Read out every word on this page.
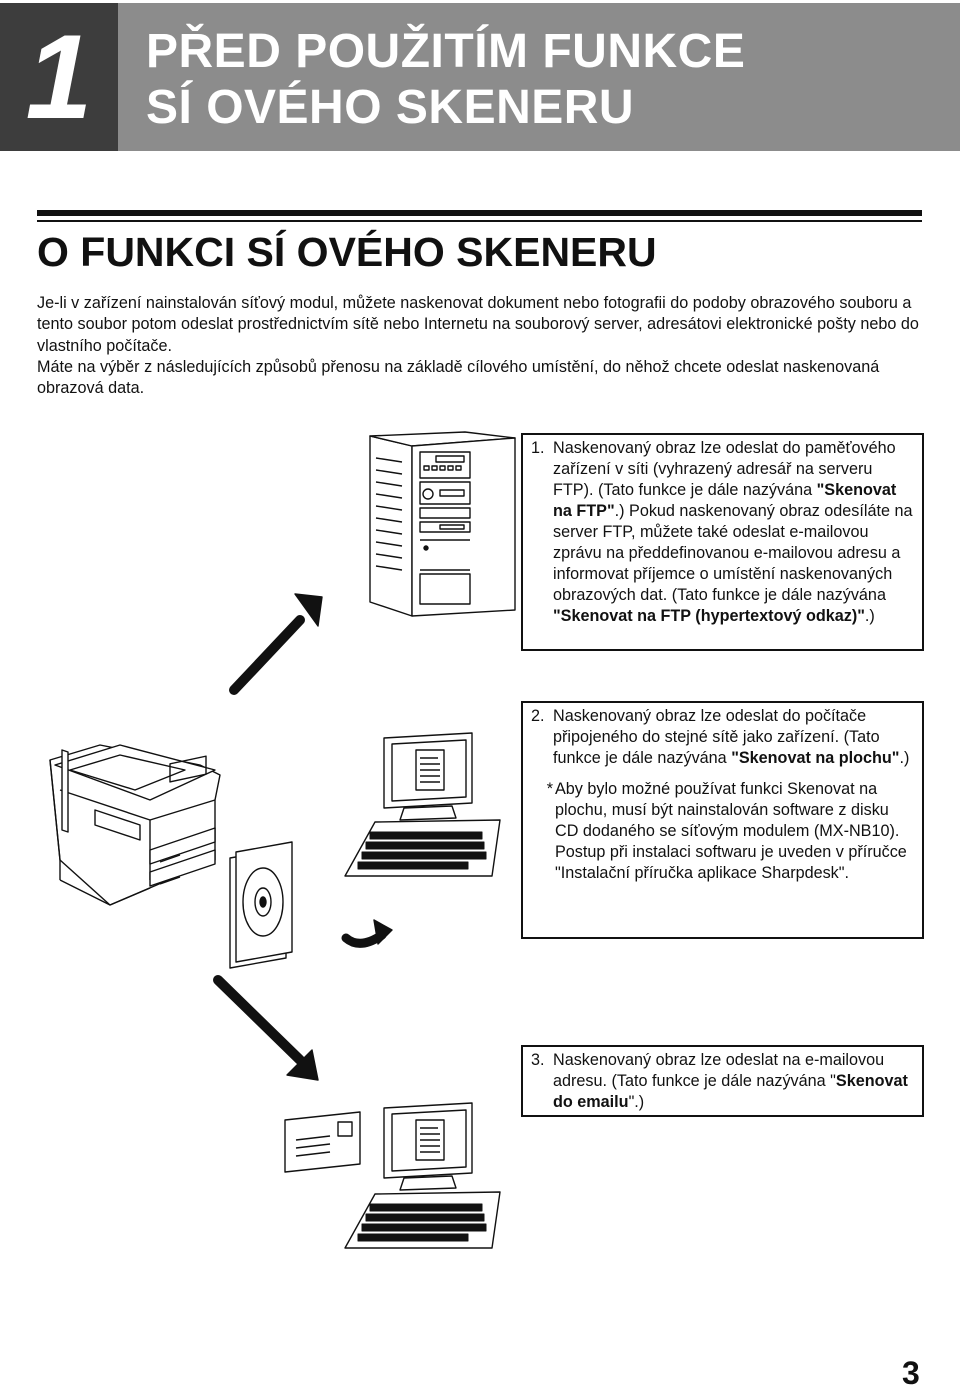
1	PŘED POUŽITÍM FUNKCE
SÍ OVÉHO SKENERU
O FUNKCI SÍ OVÉHO SKENERU

Je-li v zařízení nainstalován síťový modul, můžete naskenovat dokument nebo fotografii do podoby obrazového souboru a tento soubor potom odeslat prostřednictvím sítě nebo Internetu na souborový server, adresátovi elektronické pošty nebo do vlastního počítače.

Máte na výběr z následujících způsobů přenosu na základě cílového umístění, do něhož chcete odeslat naskenovaná obrazová data.

1. Naskenovaný obraz lze odeslat do paměťového zařízení v síti (vyhrazený adresář na serveru FTP). (Tato funkce je dále nazývána "Skenovat na FTP".) Pokud naskenovaný obraz odesíláte na server FTP, můžete také odeslat e-mailovou zprávu na předdefinovanou e-mailovou adresu a informovat příjemce o umístění naskenovaných obrazových dat. (Tato funkce je dále nazývána "Skenovat na FTP (hypertextový odkaz)".)
2. Naskenovaný obraz lze odeslat do počítače připojeného do stejné sítě jako zařízení. (Tato funkce je dále nazývána "Skenovat na plochu".)
* Aby bylo možné používat funkci Skenovat na plochu, musí být nainstalován software z disku CD dodaného se síťovým modulem (MX-NB10). Postup při instalaci softwaru je uveden v příručce "Instalační příručka aplikace Sharpdesk".
3. Naskenovaný obraz lze odeslat na e-mailovou adresu. (Tato funkce je dále nazývána "Skenovat do emailu".)
3
